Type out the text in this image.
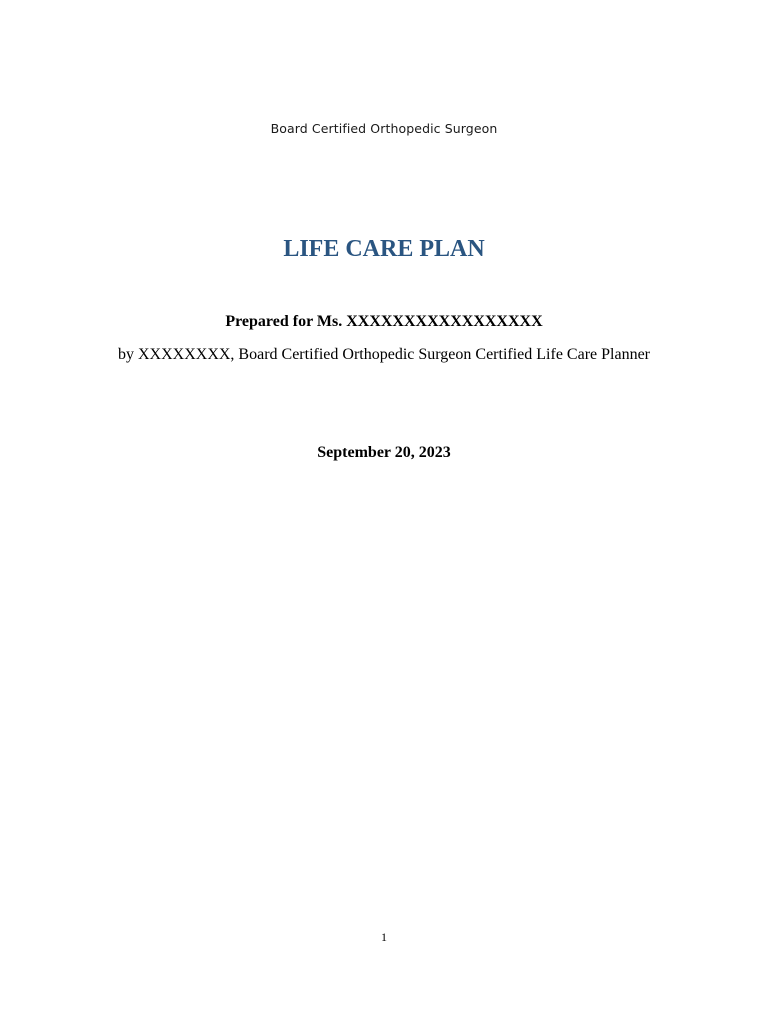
Board Certified Orthopedic Surgeon
LIFE CARE PLAN
Prepared for Ms. XXXXXXXXXXXXXXXXX
by XXXXXXXX, Board Certified Orthopedic Surgeon Certified Life Care Planner
September 20, 2023
1
